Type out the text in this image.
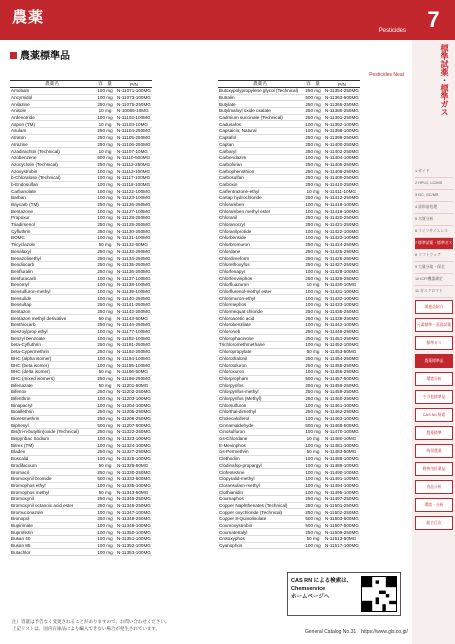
農薬
Pesticides
農薬標準品
Pesticides Neat
農薬名	容　量	P/N
Amobam	100 mg	N-11071-100MG
Ancymidol	100 mg	N-11073-100MG
Anilazine	250 mg	N-11075-250MG
Anisole	10 mg	N-10085-10MG
Ardenotride	100 mg	N-11102-100MG
Aspon (TM)	10 mg	N-11103-10MG
Asulam	250 mg	N-11104-250MG
Atraton	250 mg	N-11105-250MG
Atrazine	250 mg	N-11106-250MG
Azadirachtin (Technical)	10 mg	N-11107-10MG
Azobenzene	500 mg	N-11110-500MG
Azocyclotin (Technical)	250 mg	N-11112-250MG
Azoxystrobin	100 mg	N-11113-100MG
b-Chloralose (Technical)	100 mg	N-11117-100MG
b-Endosulfan	100 mg	N-11118-100MG
Carbanolate	100 mg	N-11122-100MG
Barban	100 mg	N-11123-100MG
Baycarb (TM)	250 mg	N-11126-250MG
Bentazone	100 mg	N-11127-100MG
Propoxur	100 mg	N-11128-250MG
Triadimenol	250 mg	N-11129-250MG
Cyfluthrin	250 mg	N-11130-250MG
BOMC	100 mg	N-11131-100MG
Tricyclazole	50 mg	N-11132-50MG
Benalaxyl	250 mg	N-11133-250MG
Benazolinethyl	250 mg	N-11134-250MG
Bendiocarb	250 mg	N-11135-250MG
Benfluralin	250 mg	N-11136-250MG
Benfuracarb	100 mg	N-11137-100MG
Benomyl	100 mg	N-11138-100MG
Bensulfuron-methyl	100 mg	N-11139-100MG
Bensulide	100 mg	N-11140-250MG
Bensultap	250 mg	N-11141-250MG
Bentazon	250 mg	N-11142-250MG
Bentazon methyl derivative	50 mg	N-11143-50MG
Benthiocarb	250 mg	N-11144-250MG
Benzoylprop ethyl	100 mg	N-11177-100MG
Benzyl benzoate	100 mg	N-11182-100MG
beta-Cyfluthrin	250 mg	N-11191-250MG
beta-Cypermethrin	250 mg	N-11192-250MG
BHC (alpha isomer)	100 mg	N-11194-100MG
BHC (beta isomer)	100 mg	N-11195-100MG
BHC (delta isomer)	50 mg	N-11196-50MG
BHC (mixed isomers)	250 mg	N-11198-250MG
Bifenazate	50 mg	N-11201-50MG
Bifenox	250 mg	N-11202-250MG
Bifenthrin	100 mg	N-11203-100MG
Binapacryl	100 mg	N-11204-100MG
Bioallethrin	250 mg	N-11205-250MG
Bioresmethrin	250 mg	N-11206-250MG
Biphenyl	500 mg	N-11207-500MG
Bis(tri-n-butyltin)oxide (Technical)	250 mg	N-11322-250MG
Bispyribac Sodium	100 mg	N-11323-100MG
Bitrex (TM)	100 mg	N-11324-100MG
Bladex	250 mg	N-11327-250MG
Boscalid	100 mg	N-11328-100MG
Brodifacoum	50 mg	N-11329-50MG
Bromacil	250 mg	N-11330-250MG
Bromoxynil bromide	500 mg	N-11333-500MG
Bromophos ethyl	100 mg	N-11335-100MG
Bromophos methyl	50 mg	N-11343-50MG
Bromoxynil	250 mg	N-11345-250MG
Bromoxynil octanoic acid ester	250 mg	N-11346-250MG
Bromuconazole	100 mg	N-11347-100MG
Bronopol	250 mg	N-11348-250MG
Bupirimate	100 mg	N-11349-100MG
Buprofezin	100 mg	N-11350-100MG
Busan 40	100 mg	N-11351-100MG
Busan 85	100 mg	N-11352-100MG
Butachlor	100 mg	N-11353-100MG
農薬名	容　量	P/N
Butoxypolypropylene glycol (Technical)	250 mg	N-11354-250MG
Butralin	500 mg	N-11363-500MG
Butylate	250 mg	N-11365-250MG
Butylmaloyl oxide oxalate	250 mg	N-11385-250MG
Cadmium succinate (Technical)	250 mg	N-11391-250MG
Cadusafos	100 mg	N-11392-100MG
Capsaicin, Natural	100 mg	N-11398-100MG
Captafol	250 mg	N-11399-250MG
Captan	250 mg	N-11400-250MG
Carbaryl	250 mg	N-11402-250MG
Carbendazim	100 mg	N-11404-100MG
Carbofuran	250 mg	N-11405-250MG
Carbophenothion	250 mg	N-11408-250MG
Carbosulfan	250 mg	N-11409-250MG
Carboxin	250 mg	N-11410-250MG
Carfentrazone-ethyl	10 mg	N-11411-10MG
Cartap hydrochloride	250 mg	N-11412-250MG
Chloramben	100 mg	N-11418-100MG
Chloramben methyl ester	100 mg	N-11419-100MG
Chloranil	250 mg	N-11420-250MG
Chloranocryl	250 mg	N-11421-250MG
Chloranilprotide	100 mg	N-11422-100MG
Chlorbenside	100 mg	N-11423-100MG
Chlorbromuron	250 mg	N-11424-250MG
Chlordane	250 mg	N-11425-250MG
Chlordimeform	250 mg	N-11426-250MG
Chlorethoxyfos	250 mg	N-11427-250MG
Chlorfenapyr	100 mg	N-11428-100MG
Chlorfenvinphos	250 mg	N-11429-250MG
Chlorfluazuron	10 mg	N-11430-10MG
Chlorflurenol-methyl ester	100 mg	N-11431-100MG
Chlorimuron-ethyl	100 mg	N-11432-100MG
Chlormephos	100 mg	N-11433-100MG
Chlormequat chloride	250 mg	N-11435-250MG
Chloroacetic acid	250 mg	N-11438-250MG
Chlorobenzilate	100 mg	N-11442-100MG
Chloroneb	250 mg	N-11449-250MG
Chlorophacinone	250 mg	N-11451-250MG
Trichloromethmethane	100 mg	N-11452-100MG
Chloropropylate	50 mg	N-11453-50MG
Chlorothalonil	250 mg	N-11454-250MG
Chlorotoluron	250 mg	N-11455-250MG
Chloroxuron	100 mg	N-11456-250MG
Chlorpropham	500 mg	N-11457-500MG
Chlorpyrifos	250 mg	N-11458-250MG
Chlorpyrifos-methyl	250 mg	N-11459-250MG
Chlorpyrifos (Methyl)	250 mg	N-11460-250MG
Chlorsulfuron	100 mg	N-11461-100MG
Chlorthal-dimethyl	250 mg	N-11462-250MG
Cholecalciferol	100 mg	N-11463-100MG
Cinnamaldehyde	500 mg	N-11468-500MG
Cinosulfuron	100 mg	N-11470-100MG
cis-Chlordane	10 mg	N-11480-10MG
E-Mevinphos	100 mg	N-11481-100MG
cis-Permethrin	50 mg	N-11483-50MG
Clethodim	100 mg	N-11488-100MG
Clodinafop-propargyl	100 mg	N-11489-100MG
Clofentezine	100 mg	N-11490-100MG
Clopyralid-methyl	100 mg	N-11491-100MG
Cloransulam-methyl	100 mg	N-11494-100MG
Clothianidin	100 mg	N-11495-100MG
Coumaphos	250 mg	N-11497-250MG
Copper Naphthenates (Technical)	250 mg	N-11501-250MG
Copper oxychloride (Technical)	250 mg	N-11502-250MG
Copper 8-Quinolinolate	500 mg	N-11503-500MG
Coumoxystrobin	500 mg	N-11507-500MG
Coumatetralyl	250 mg	N-11509-250MG
Crotoxyphos	50 mg	N-11513-50MG
Cyanophos	100 mg	N-11517-100MG
CAS RN による検索は、
Chemservice
ホームページへ
注）容量は予告なく変更されることがありますので、お問い合わせください。
上記リストは、国内在庫品により編入できない場合が発生されています。
General Catalog No.31　 https://www.gls.co.jp/
7
標準試薬・標準ガス
1 ガイド
2 HPLC, LC/MS
3 GC, GC/MS
4 試料前処理
5 水質分析
6 ライフサイエンス
7 標準試薬・標準ガス
8 ソフトウェア
9 大量分取・保全
10 ICP/機器測定
11 ガスクロマト
関連品紹介
元素標準・蒸留試薬
標準ガス
農薬標準品
環境分析
その他標準品
CAS No.検索
農薬標準
残留農薬
動物用医薬品
食品分析
環境・分析
総合目次
